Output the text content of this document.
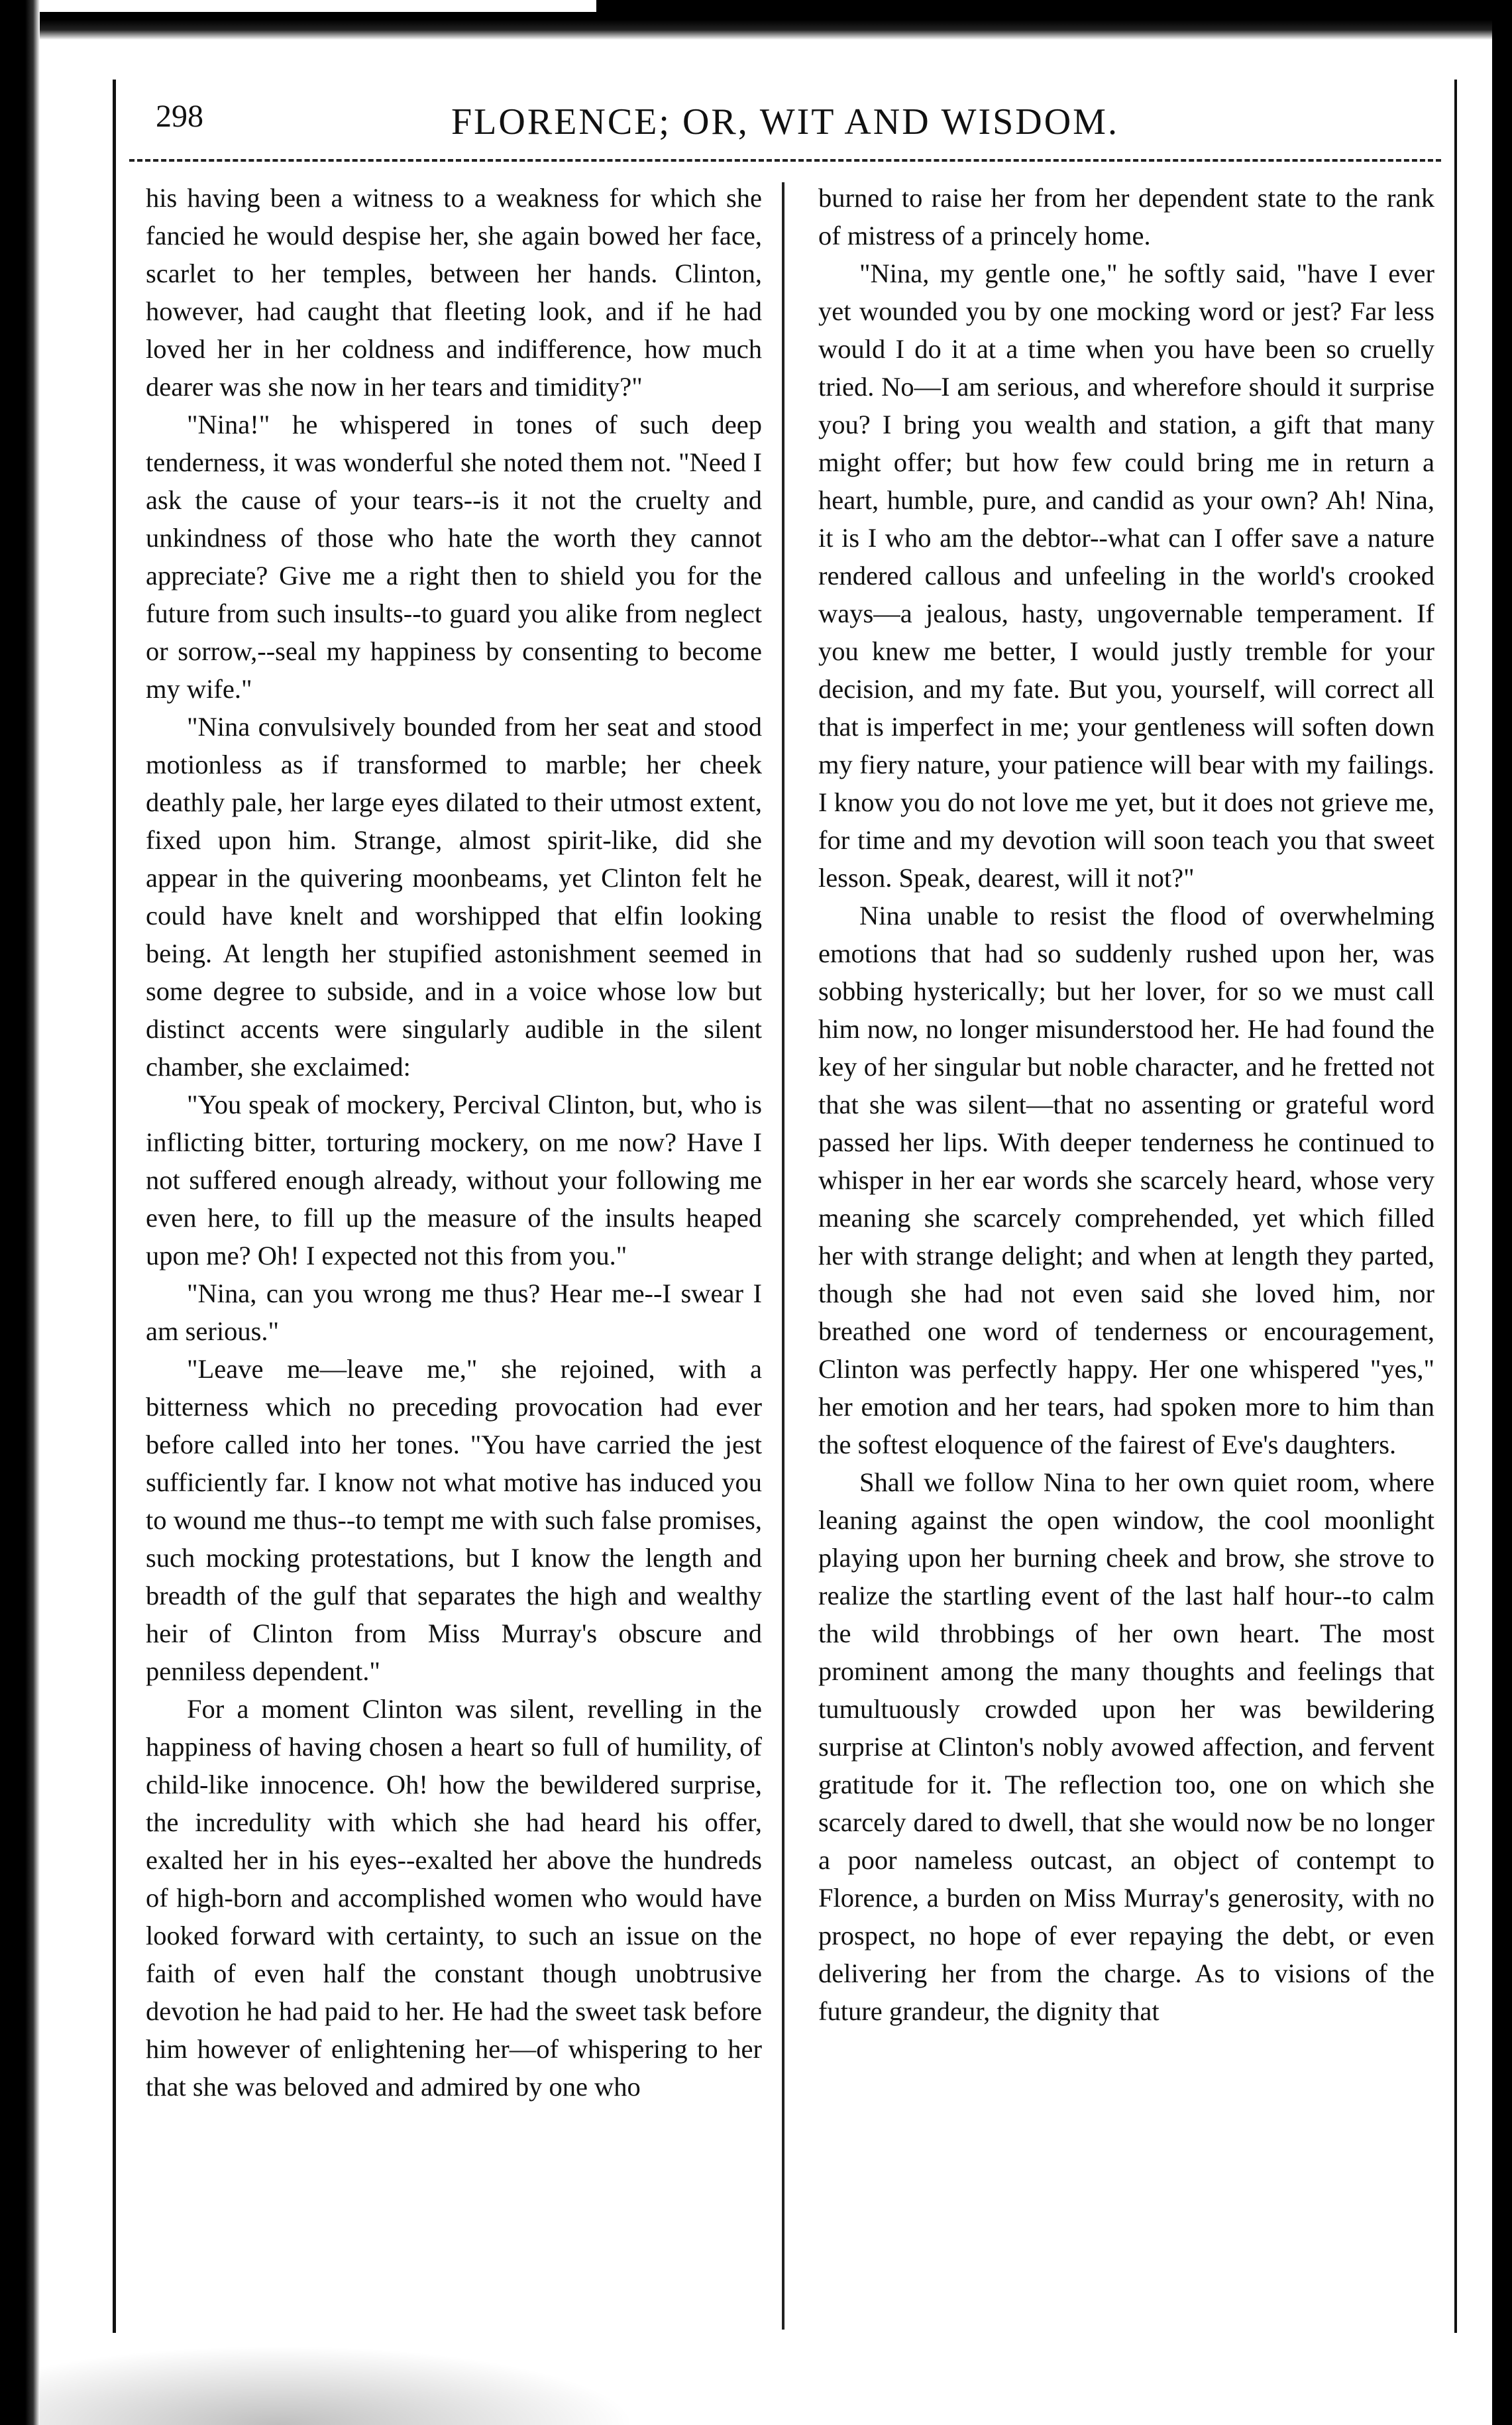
298	FLORENCE; OR, WIT AND WISDOM.

his having been a witness to a weakness for which she fancied he would despise her, she again bowed her face, scarlet to her temples, between her hands. Clinton, however, had caught that fleeting look, and if he had loved her in her coldness and indifference, how much dearer was she now in her tears and timidity?"

"Nina!" he whispered in tones of such deep tenderness, it was wonderful she noted them not. "Need I ask the cause of your tears--is it not the cruelty and unkindness of those who hate the worth they cannot appreciate? Give me a right then to shield you for the future from such insults--to guard you alike from neglect or sorrow,--seal my happiness by consenting to become my wife."

"Nina convulsively bounded from her seat and stood motionless as if transformed to marble; her cheek deathly pale, her large eyes dilated to their utmost extent, fixed upon him. Strange, almost spirit-like, did she appear in the quivering moonbeams, yet Clinton felt he could have knelt and worshipped that elfin looking being. At length her stupified astonishment seemed in some degree to subside, and in a voice whose low but distinct accents were singularly audible in the silent chamber, she exclaimed:

"You speak of mockery, Percival Clinton, but, who is inflicting bitter, torturing mockery, on me now? Have I not suffered enough already, without your following me even here, to fill up the measure of the insults heaped upon me? Oh! I expected not this from you."

"Nina, can you wrong me thus? Hear me--I swear I am serious."

"Leave me—leave me," she rejoined, with a bitterness which no preceding provocation had ever before called into her tones. "You have carried the jest sufficiently far. I know not what motive has induced you to wound me thus--to tempt me with such false promises, such mocking protestations, but I know the length and breadth of the gulf that separates the high and wealthy heir of Clinton from Miss Murray's obscure and penniless dependent."

For a moment Clinton was silent, revelling in the happiness of having chosen a heart so full of humility, of child-like innocence. Oh! how the bewildered surprise, the incredulity with which she had heard his offer, exalted her in his eyes--exalted her above the hundreds of high-born and accomplished women who would have looked forward with certainty, to such an issue on the faith of even half the constant though unobtrusive devotion he had paid to her. He had the sweet task before him however of enlightening her—of whispering to her that she was beloved and admired by one who

burned to raise her from her dependent state to the rank of mistress of a princely home.

"Nina, my gentle one," he softly said, "have I ever yet wounded you by one mocking word or jest? Far less would I do it at a time when you have been so cruelly tried. No—I am serious, and wherefore should it surprise you? I bring you wealth and station, a gift that many might offer; but how few could bring me in return a heart, humble, pure, and candid as your own? Ah! Nina, it is I who am the debtor--what can I offer save a nature rendered callous and unfeeling in the world's crooked ways—a jealous, hasty, ungovernable temperament. If you knew me better, I would justly tremble for your decision, and my fate. But you, yourself, will correct all that is imperfect in me; your gentleness will soften down my fiery nature, your patience will bear with my failings. I know you do not love me yet, but it does not grieve me, for time and my devotion will soon teach you that sweet lesson. Speak, dearest, will it not?"

Nina unable to resist the flood of overwhelming emotions that had so suddenly rushed upon her, was sobbing hysterically; but her lover, for so we must call him now, no longer misunderstood her. He had found the key of her singular but noble character, and he fretted not that she was silent—that no assenting or grateful word passed her lips. With deeper tenderness he continued to whisper in her ear words she scarcely heard, whose very meaning she scarcely comprehended, yet which filled her with strange delight; and when at length they parted, though she had not even said she loved him, nor breathed one word of tenderness or encouragement, Clinton was perfectly happy. Her one whispered "yes," her emotion and her tears, had spoken more to him than the softest eloquence of the fairest of Eve's daughters.

Shall we follow Nina to her own quiet room, where leaning against the open window, the cool moonlight playing upon her burning cheek and brow, she strove to realize the startling event of the last half hour--to calm the wild throbbings of her own heart. The most prominent among the many thoughts and feelings that tumultuously crowded upon her was bewildering surprise at Clinton's nobly avowed affection, and fervent gratitude for it. The reflection too, one on which she scarcely dared to dwell, that she would now be no longer a poor nameless outcast, an object of contempt to Florence, a burden on Miss Murray's generosity, with no prospect, no hope of ever repaying the debt, or even delivering her from the charge. As to visions of the future grandeur, the dignity that
